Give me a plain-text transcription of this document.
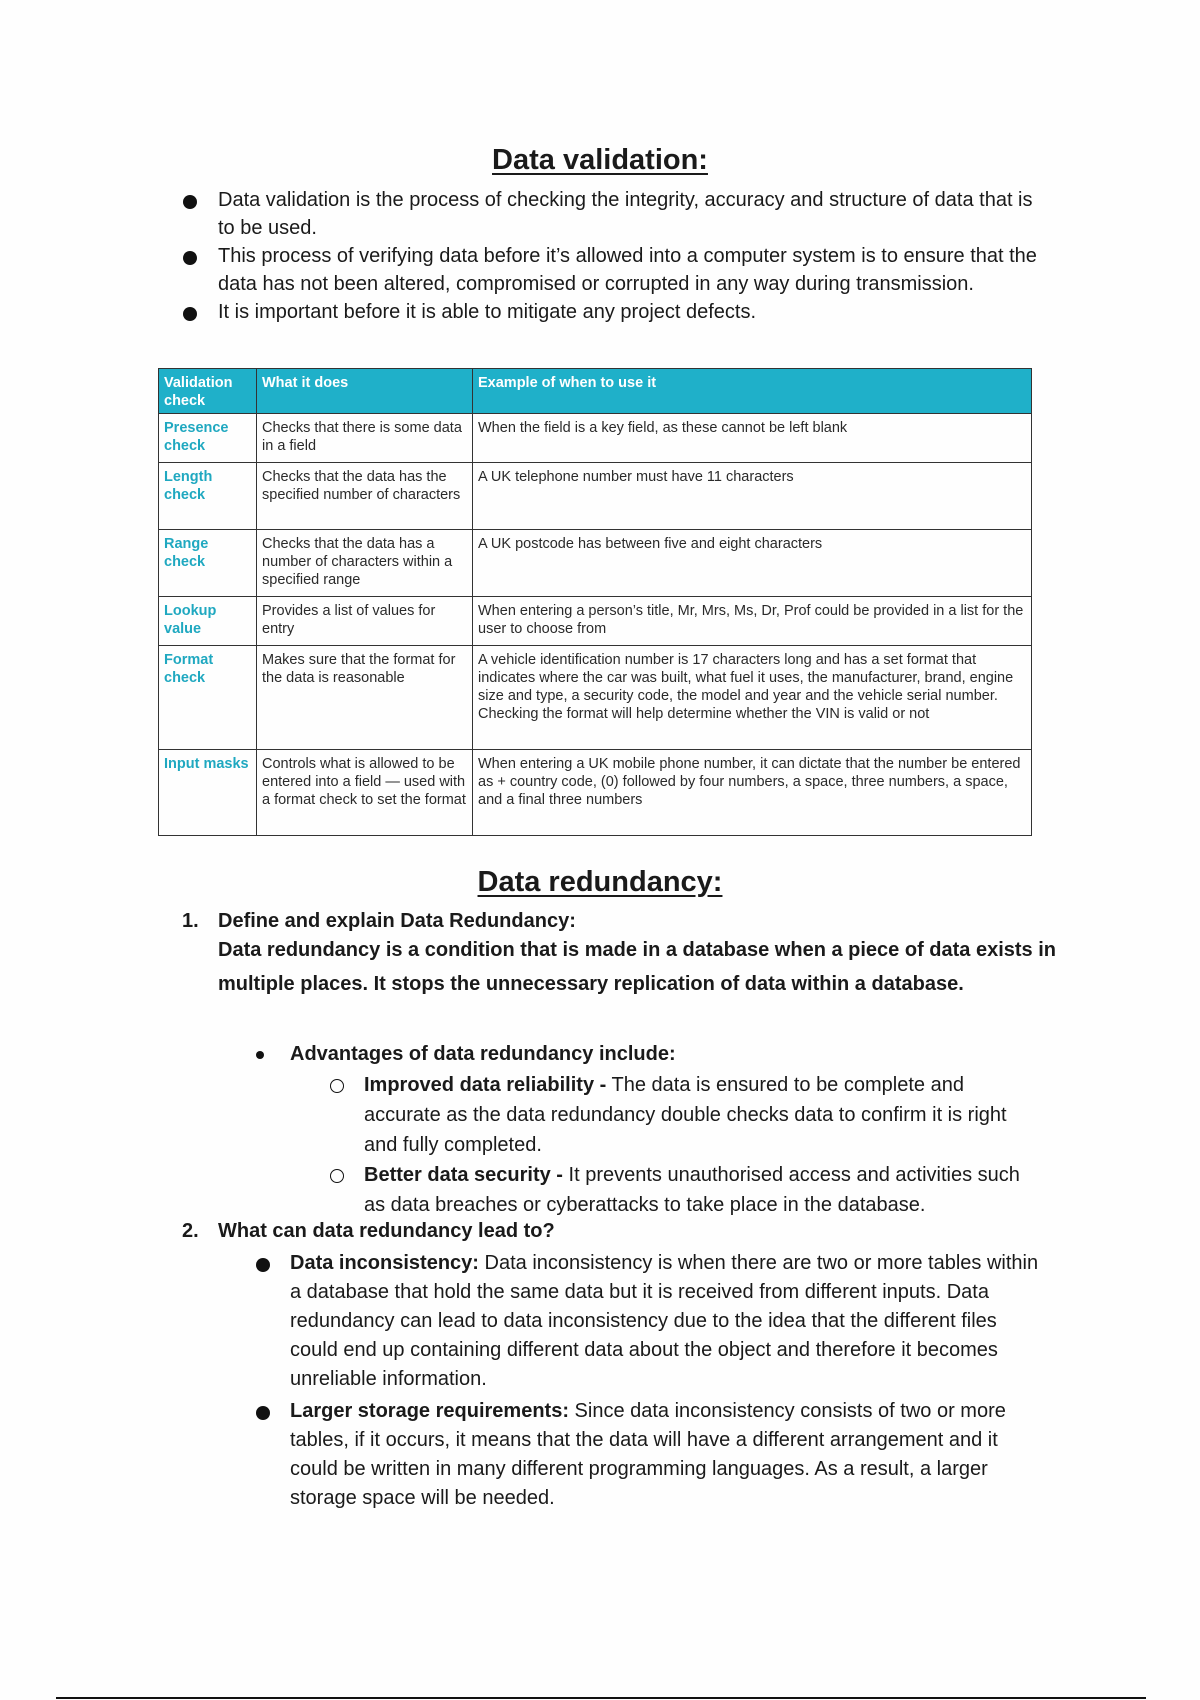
Data validation:
Data validation is the process of checking the integrity, accuracy and structure of data that is to be used.
This process of verifying data before it’s allowed into a computer system is to ensure that the data has not been altered, compromised or corrupted in any way during transmission.
It is important before it is able to mitigate any project defects.
Validation check	What it does	Example of when to use it
Presence check	Checks that there is some data in a field	When the field is a key field, as these cannot be left blank
Length check	Checks that the data has the specified number of characters	A UK telephone number must have 11 characters
Range check	Checks that the data has a number of characters within a specified range	A UK postcode has between five and eight characters
Lookup value	Provides a list of values for entry	When entering a person’s title, Mr, Mrs, Ms, Dr, Prof could be provided in a list for the user to choose from
Format check	Makes sure that the format for the data is reasonable	A vehicle identification number is 17 characters long and has a set format that indicates where the car was built, what fuel it uses, the manufacturer, brand, engine size and type, a security code, the model and year and the vehicle serial number. Checking the format will help determine whether the VIN is valid or not
Input masks	Controls what is allowed to be entered into a field — used with a format check to set the format	When entering a UK mobile phone number, it can dictate that the number be entered as + country code, (0) followed by four numbers, a space, three numbers, a space, and a final three numbers
Data redundancy:
1. Define and explain Data Redundancy:
Data redundancy is a condition that is made in a database when a piece of data exists in multiple places. It stops the unnecessary replication of data within a database.
Advantages of data redundancy include:
Improved data reliability - The data is ensured to be complete and accurate as the data redundancy double checks data to confirm it is right and fully completed.
Better data security - It prevents unauthorised access and activities such as data breaches or cyberattacks to take place in the database.
2. What can data redundancy lead to?
Data inconsistency: Data inconsistency is when there are two or more tables within a database that hold the same data but it is received from different inputs. Data redundancy can lead to data inconsistency due to the idea that the different files could end up containing different data about the object and therefore it becomes unreliable information.
Larger storage requirements: Since data inconsistency consists of two or more tables, if it occurs, it means that the data will have a different arrangement and it could be written in many different programming languages. As a result, a larger storage space will be needed.
